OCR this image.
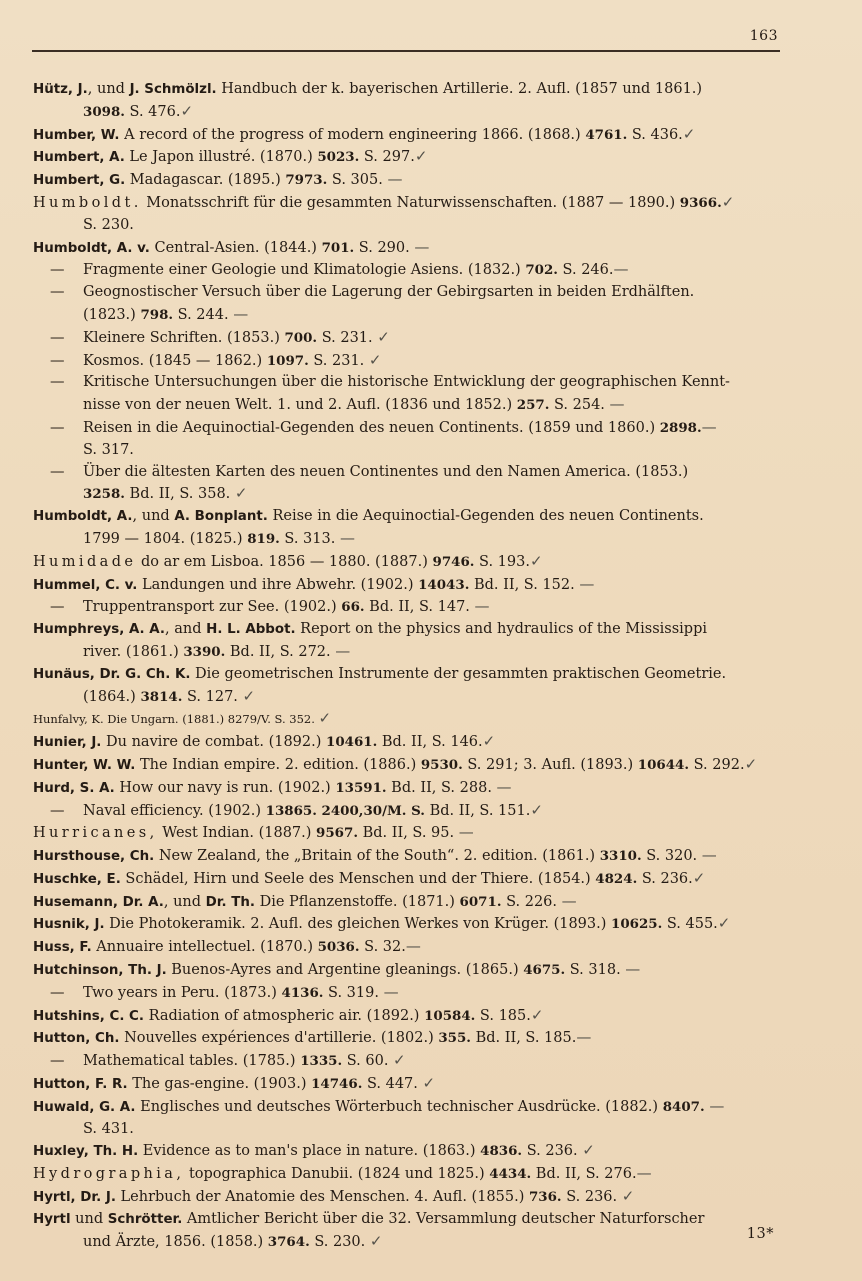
163
Hütz, J., und J. Schmölzl. Handbuch der k. bayerischen Artillerie. 2. Aufl. (1857 und 1861.)
3098. S. 476.✓
Humber, W. A record of the progress of modern engineering 1866. (1868.) 4761. S. 436.✓
Humbert, A. Le Japon illustré. (1870.) 5023. S. 297.✓
Humbert, G. Madagascar. (1895.) 7973. S. 305. —
Humboldt. Monatsschrift für die gesammten Naturwissenschaften. (1887 — 1890.) 9366.✓
S. 230.
Humboldt, A. v. Central-Asien. (1844.) 701. S. 290. —
— Fragmente einer Geologie und Klimatologie Asiens. (1832.) 702. S. 246.—
— Geognostischer Versuch über die Lagerung der Gebirgsarten in beiden Erdhälften.
(1823.) 798. S. 244. —
— Kleinere Schriften. (1853.) 700. S. 231. ✓
— Kosmos. (1845 — 1862.) 1097. S. 231. ✓
— Kritische Untersuchungen über die historische Entwicklung der geographischen Kennt-
nisse von der neuen Welt. 1. und 2. Aufl. (1836 und 1852.) 257. S. 254. —
— Reisen in die Aequinoctial-Gegenden des neuen Continents. (1859 und 1860.) 2898.—
S. 317.
— Über die ältesten Karten des neuen Continentes und den Namen America. (1853.)
3258. Bd. II, S. 358. ✓
Humboldt, A., und A. Bonplant. Reise in die Aequinoctial-Gegenden des neuen Continents.
1799 — 1804. (1825.) 819. S. 313. —
Humidade do ar em Lisboa. 1856 — 1880. (1887.) 9746. S. 193.✓
Hummel, C. v. Landungen und ihre Abwehr. (1902.) 14043. Bd. II, S. 152. —
— Truppentransport zur See. (1902.) 66. Bd. II, S. 147. —
Humphreys, A. A., and H. L. Abbot. Report on the physics and hydraulics of the Mississippi
river. (1861.) 3390. Bd. II, S. 272. —
Hunäus, Dr. G. Ch. K. Die geometrischen Instrumente der gesammten praktischen Geometrie.
(1864.) 3814. S. 127. ✓
Hunfalvy, K. Die Ungarn. (1881.) 8279/V. S. 352. ✓
Hunier, J. Du navire de combat. (1892.) 10461. Bd. II, S. 146.✓
Hunter, W. W. The Indian empire. 2. edition. (1886.) 9530. S. 291; 3. Aufl. (1893.) 10644. S. 292.✓
Hurd, S. A. How our navy is run. (1902.) 13591. Bd. II, S. 288. —
— Naval efficiency. (1902.) 13865. 2400,30/M. S. Bd. II, S. 151.✓
Hurricanes, West Indian. (1887.) 9567. Bd. II, S. 95. —
Hursthouse, Ch. New Zealand, the „Britain of the South“. 2. edition. (1861.) 3310. S. 320. —
Huschke, E. Schädel, Hirn und Seele des Menschen und der Thiere. (1854.) 4824. S. 236.✓
Husemann, Dr. A., und Dr. Th. Die Pflanzenstoffe. (1871.) 6071. S. 226. —
Husnik, J. Die Photokeramik. 2. Aufl. des gleichen Werkes von Krüger. (1893.) 10625. S. 455.✓
Huss, F. Annuaire intellectuel. (1870.) 5036. S. 32.—
Hutchinson, Th. J. Buenos-Ayres and Argentine gleanings. (1865.) 4675. S. 318. —
— Two years in Peru. (1873.) 4136. S. 319. —
Hutshins, C. C. Radiation of atmospheric air. (1892.) 10584. S. 185.✓
Hutton, Ch. Nouvelles expériences d'artillerie. (1802.) 355. Bd. II, S. 185.—
— Mathematical tables. (1785.) 1335. S. 60. ✓
Hutton, F. R. The gas-engine. (1903.) 14746. S. 447. ✓
Huwald, G. A. Englisches und deutsches Wörterbuch technischer Ausdrücke. (1882.) 8407. —
S. 431.
Huxley, Th. H. Evidence as to man's place in nature. (1863.) 4836. S. 236. ✓
Hydrographia, topographica Danubii. (1824 und 1825.) 4434. Bd. II, S. 276.—
Hyrtl, Dr. J. Lehrbuch der Anatomie des Menschen. 4. Aufl. (1855.) 736. S. 236. ✓
Hyrtl und Schrötter. Amtlicher Bericht über die 32. Versammlung deutscher Naturforscher
und Ärzte, 1856. (1858.) 3764. S. 230. ✓	13*
